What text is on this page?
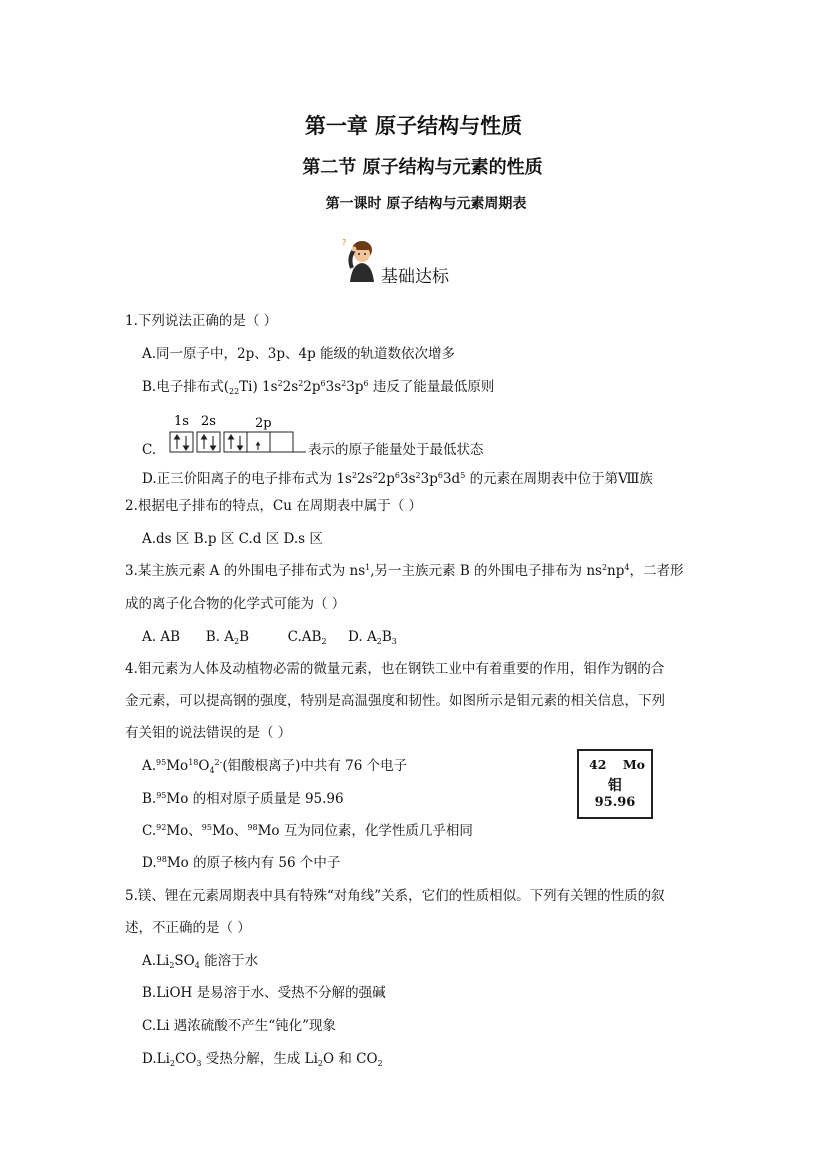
第一章 原子结构与性质
第二节 原子结构与元素的性质
第一课时 原子结构与元素周期表
?
基础达标
1.下列说法正确的是（ ）
A.同一原子中，2p、3p、4p 能级的轨道数依次增多
B.电子排布式$(_{22}Ti)$ $1s^22s^22p^63s^23p^6$ 违反了能量最低原则
1s 2s	2p
C.	表示的原子能量处于最低状态
D.正三价阳离子的电子排布式为 $1s^22s^22p^63s^23p^63d^5$ 的元素在周期表中位于第Ⅷ族
2.根据电子排布的特点，Cu 在周期表中属于（ ）
A.ds 区 B.p 区 C.d 区 D.s 区
3.某主族元素 A 的外围电子排布式为 $ns^1$,另一主族元素 B 的外围电子排布为 $ns^2np^4$，二者形
成的离子化合物的化学式可能为（ ）
A. AB B. $A_2B$         $C.AB_2$ D. $A_2B_3$
4.钼元素为人体及动植物必需的微量元素，也在钢铁工业中有着重要的作用，钼作为钢的合
金元素，可以提高钢的强度，特别是高温强度和韧性。如图所示是钼元素的相关信息，下列
有关钼的说法错误的是（ ）
$A.^{95}Mo^{18}O_4^{2-}$(钼酸根离子)中共有 76 个电子
B.$^{95}$Mo 的相对原子质量是 95.96
C.$^{92}$Mo、$^{95}$Mo、$^{98}$Mo 互为同位素，化学性质几乎相同
D.$^{98}$Mo 的原子核内有 56 个中子
42 Mo
钼
95.96
5.镁、锂在元素周期表中具有特殊“对角线”关系，它们的性质相似。下列有关锂的性质的叙
述，不正确的是（ ）
$A.Li_2SO_4$ 能溶于水
B.LiOH 是易溶于水、受热不分解的强碱
C.Li 遇浓硫酸不产生“钝化”现象
$D.Li_2CO_3$ 受热分解，生成 $Li_2O$ 和 $CO_2$
